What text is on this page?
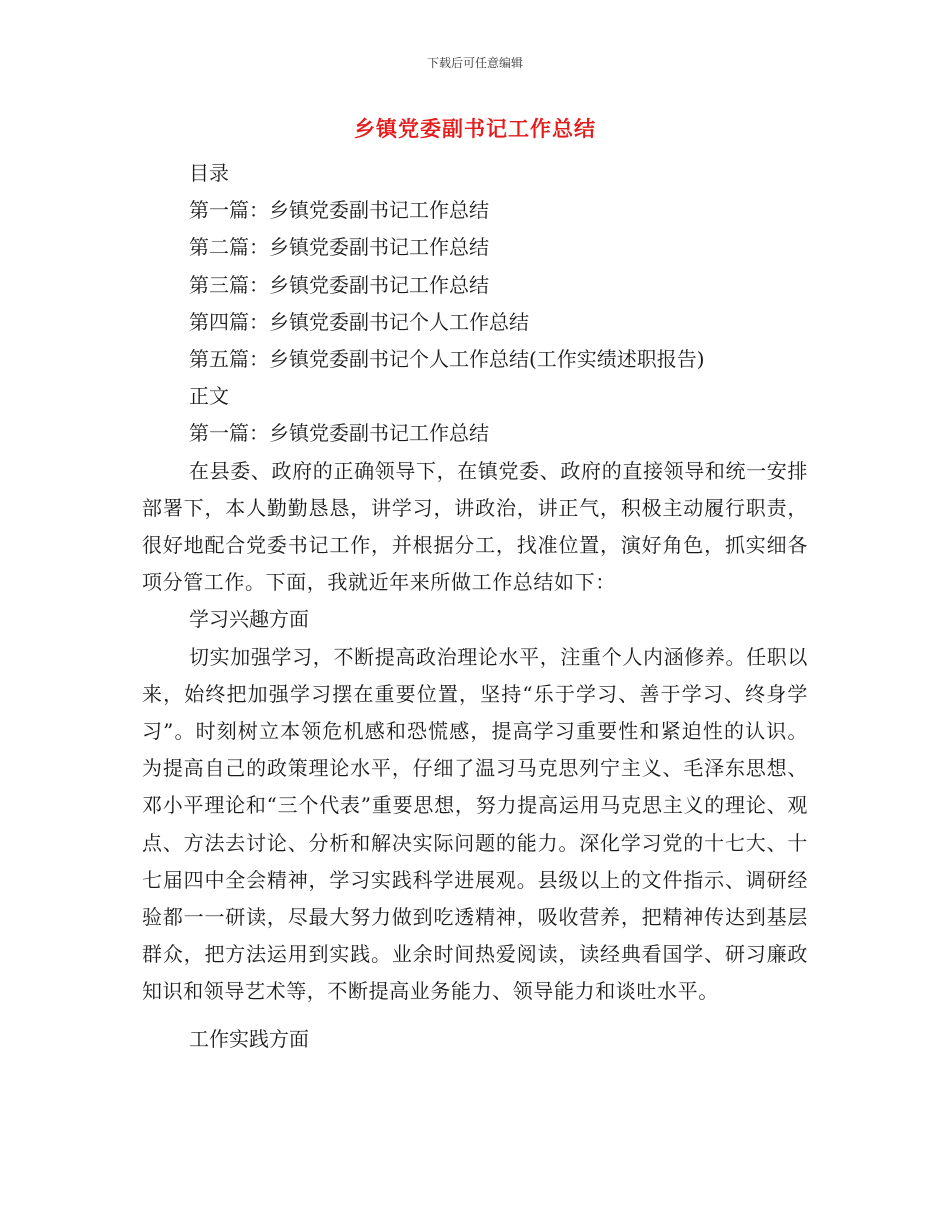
下载后可任意编辑
乡镇党委副书记工作总结

目录

第一篇：乡镇党委副书记工作总结

第二篇：乡镇党委副书记工作总结

第三篇：乡镇党委副书记工作总结

第四篇：乡镇党委副书记个人工作总结

第五篇：乡镇党委副书记个人工作总结(工作实绩述职报告)

正文

第一篇：乡镇党委副书记工作总结

在县委、政府的正确领导下，在镇党委、政府的直接领导和统一安排部署下，本人勤勤恳恳，讲学习，讲政治，讲正气，积极主动履行职责，很好地配合党委书记工作，并根据分工，找准位置，演好角色，抓实细各项分管工作。下面，我就近年来所做工作总结如下：

学习兴趣方面

切实加强学习，不断提高政治理论水平，注重个人内涵修养。任职以来，始终把加强学习摆在重要位置，坚持“乐于学习、善于学习、终身学习”。时刻树立本领危机感和恐慌感，提高学习重要性和紧迫性的认识。为提高自己的政策理论水平，仔细了温习马克思列宁主义、毛泽东思想、邓小平理论和“三个代表”重要思想，努力提高运用马克思主义的理论、观点、方法去讨论、分析和解决实际问题的能力。深化学习党的十七大、十七届四中全会精神，学习实践科学进展观。县级以上的文件指示、调研经验都一一研读，尽最大努力做到吃透精神，吸收营养，把精神传达到基层群众，把方法运用到实践。业余时间热爱阅读，读经典看国学、研习廉政知识和领导艺术等，不断提高业务能力、领导能力和谈吐水平。

工作实践方面
